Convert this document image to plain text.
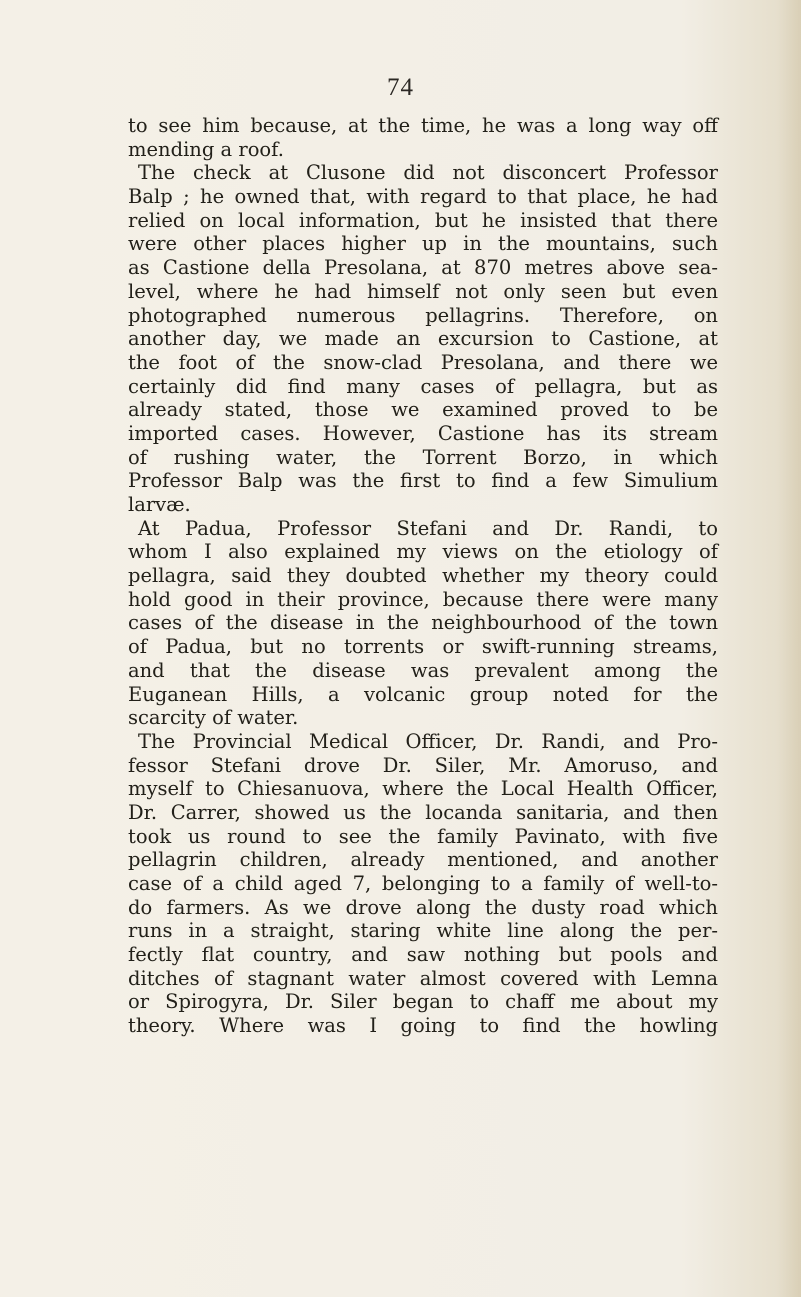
74
to see him because, at the time, he was a long way off
mending a roof.
The check at Clusone did not disconcert Professor
Balp ; he owned that, with regard to that place, he had
relied on local information, but he insisted that there
were other places higher up in the mountains, such
as Castione della Presolana, at 870 metres above sea-
level, where he had himself not only seen but even
photographed numerous pellagrins. Therefore, on
another day, we made an excursion to Castione, at
the foot of the snow-clad Presolana, and there we
certainly did find many cases of pellagra, but as
already stated, those we examined proved to be
imported cases. However, Castione has its stream
of rushing water, the Torrent Borzo, in which
Professor Balp was the first to find a few Simulium
larvæ.
At Padua, Professor Stefani and Dr. Randi, to
whom I also explained my views on the etiology of
pellagra, said they doubted whether my theory could
hold good in their province, because there were many
cases of the disease in the neighbourhood of the town
of Padua, but no torrents or swift-running streams,
and that the disease was prevalent among the
Euganean Hills, a volcanic group noted for the
scarcity of water.
The Provincial Medical Officer, Dr. Randi, and Pro-
fessor Stefani drove Dr. Siler, Mr. Amoruso, and
myself to Chiesanuova, where the Local Health Officer,
Dr. Carrer, showed us the locanda sanitaria, and then
took us round to see the family Pavinato, with five
pellagrin children, already mentioned, and another
case of a child aged 7, belonging to a family of well-to-
do farmers. As we drove along the dusty road which
runs in a straight, staring white line along the per-
fectly flat country, and saw nothing but pools and
ditches of stagnant water almost covered with Lemna
or Spirogyra, Dr. Siler began to chaff me about my
theory. Where was I going to find the howling
